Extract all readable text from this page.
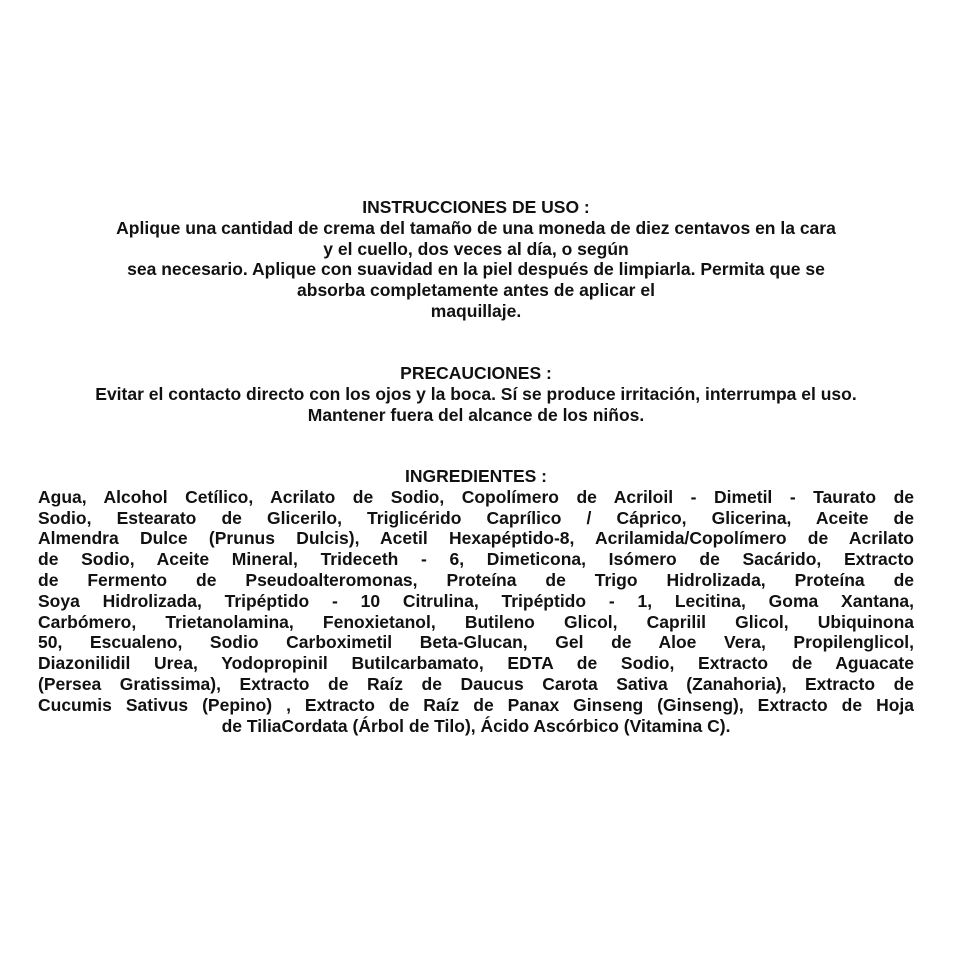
INSTRUCCIONES DE USO :
Aplique una cantidad de crema del tamaño de una moneda de diez centavos en la cara
y el cuello, dos veces al día, o según
sea necesario. Aplique con suavidad en la piel después de limpiarla. Permita que se
absorba completamente antes de aplicar el
maquillaje.
PRECAUCIONES :
Evitar el contacto directo con los ojos y la boca. Sí se produce irritación, interrumpa el uso.
Mantener fuera del alcance de los niños.
INGREDIENTES :
Agua, Alcohol Cetílico, Acrilato de Sodio, Copolímero de Acriloil - Dimetil - Taurato de
Sodio, Estearato de Glicerilo, Triglicérido Caprílico / Cáprico, Glicerina, Aceite de
Almendra Dulce (Prunus Dulcis), Acetil Hexapéptido-8, Acrilamida/Copolímero de Acrilato
de Sodio, Aceite Mineral, Trideceth - 6, Dimeticona, Isómero de Sacárido, Extracto
de Fermento de Pseudoalteromonas, Proteína de Trigo Hidrolizada, Proteína de
Soya Hidrolizada, Tripéptido - 10 Citrulina, Tripéptido - 1, Lecitina, Goma Xantana,
Carbómero, Trietanolamina, Fenoxietanol, Butileno Glicol, Caprilil Glicol, Ubiquinona
50, Escualeno, Sodio Carboximetil Beta-Glucan, Gel de Aloe Vera, Propilenglicol,
Diazonilidil Urea, Yodopropinil Butilcarbamato, EDTA de Sodio, Extracto de Aguacate
(Persea Gratissima), Extracto de Raíz de Daucus Carota Sativa (Zanahoria), Extracto de
Cucumis Sativus (Pepino) , Extracto de Raíz de Panax Ginseng (Ginseng), Extracto de Hoja
de TiliaCordata (Árbol de Tilo), Ácido Ascórbico (Vitamina C).
